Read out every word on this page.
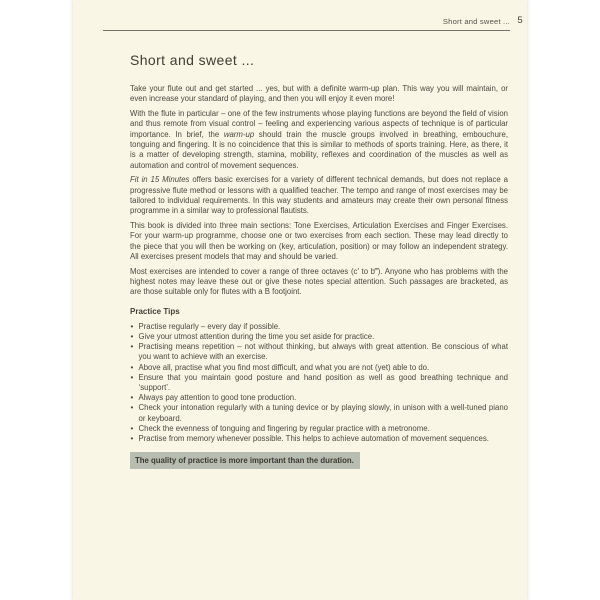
Short and sweet ... 5
Short and sweet ...

Take your flute out and get started ... yes, but with a definite warm-up plan. This way you will maintain, or even increase your standard of playing, and then you will enjoy it even more!

With the flute in particular – one of the few instruments whose playing functions are beyond the field of vision and thus remote from visual control – feeling and experiencing various aspects of technique is of particular importance. In brief, the warm-up should train the muscle groups involved in breathing, embouchure, tonguing and fingering. It is no coincidence that this is similar to methods of sports training. Here, as there, it is a matter of developing strength, stamina, mobility, reflexes and coordination of the muscles as well as automation and control of movement sequences.

Fit in 15 Minutes offers basic exercises for a variety of different technical demands, but does not replace a progressive flute method or lessons with a qualified teacher. The tempo and range of most exercises may be tailored to individual requirements. In this way students and amateurs may create their own personal fitness programme in a similar way to professional flautists.

This book is divided into three main sections: Tone Exercises, Articulation Exercises and Finger Exercises. For your warm-up programme, choose one or two exercises from each section. These may lead directly to the piece that you will then be working on (key, articulation, position) or may follow an independent strategy. All exercises present models that may and should be varied.

Most exercises are intended to cover a range of three octaves (c′ to b‴). Anyone who has problems with the highest notes may leave these out or give these notes special attention. Such passages are bracketed, as are those suitable only for flutes with a B footjoint.

Practice Tips
• Practise regularly – every day if possible.
• Give your utmost attention during the time you set aside for practice.
• Practising means repetition – not without thinking, but always with great attention. Be conscious of what you want to achieve with an exercise.
• Above all, practise what you find most difficult, and what you are not (yet) able to do.
• Ensure that you maintain good posture and hand position as well as good breathing technique and ‘support’.
• Always pay attention to good tone production.
• Check your intonation regularly with a tuning device or by playing slowly, in unison with a well-tuned piano or keyboard.
• Check the evenness of tonguing and fingering by regular practice with a metronome.
• Practise from memory whenever possible. This helps to achieve automation of movement sequences.
The quality of practice is more important than the duration.
